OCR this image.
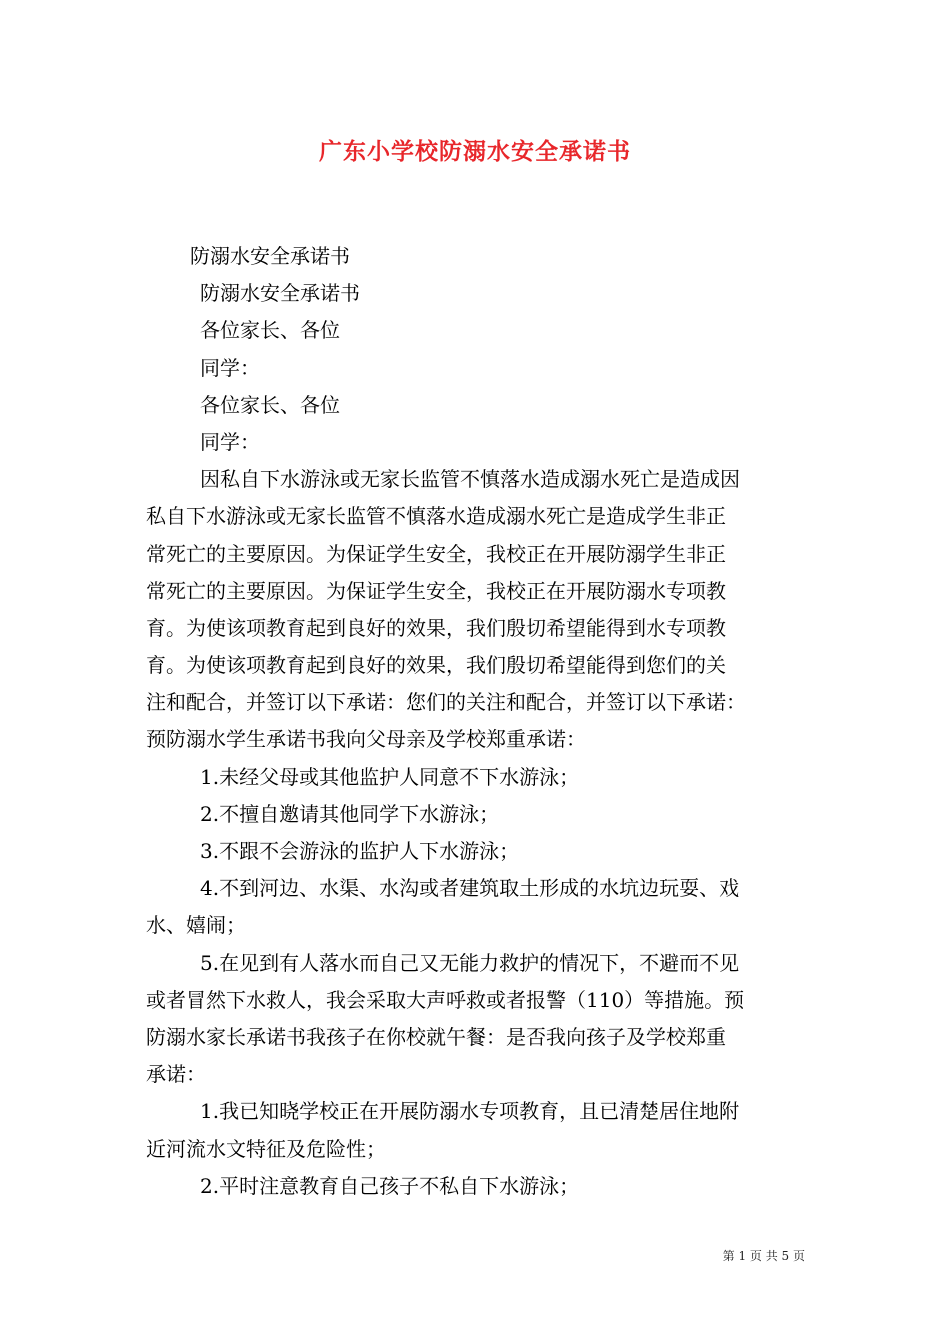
广东小学校防溺水安全承诺书
防溺水安全承诺书
防溺水安全承诺书
各位家长、各位
同学：
各位家长、各位
同学：
因私自下水游泳或无家长监管不慎落水造成溺水死亡是造成因
私自下水游泳或无家长监管不慎落水造成溺水死亡是造成学生非正
常死亡的主要原因。为保证学生安全，我校正在开展防溺学生非正
常死亡的主要原因。为保证学生安全，我校正在开展防溺水专项教
育。为使该项教育起到良好的效果，我们殷切希望能得到水专项教
育。为使该项教育起到良好的效果，我们殷切希望能得到您们的关
注和配合，并签订以下承诺：您们的关注和配合，并签订以下承诺：
预防溺水学生承诺书我向父母亲及学校郑重承诺：
1.未经父母或其他监护人同意不下水游泳；
2.不擅自邀请其他同学下水游泳；
3.不跟不会游泳的监护人下水游泳；
4.不到河边、水渠、水沟或者建筑取土形成的水坑边玩耍、戏
水、嬉闹；
5.在见到有人落水而自己又无能力救护的情况下，不避而不见
或者冒然下水救人，我会采取大声呼救或者报警（110）等措施。预
防溺水家长承诺书我孩子在你校就午餐：是否我向孩子及学校郑重
承诺：
1.我已知晓学校正在开展防溺水专项教育，且已清楚居住地附
近河流水文特征及危险性；
2.平时注意教育自己孩子不私自下水游泳；
第 1 页 共 5 页
